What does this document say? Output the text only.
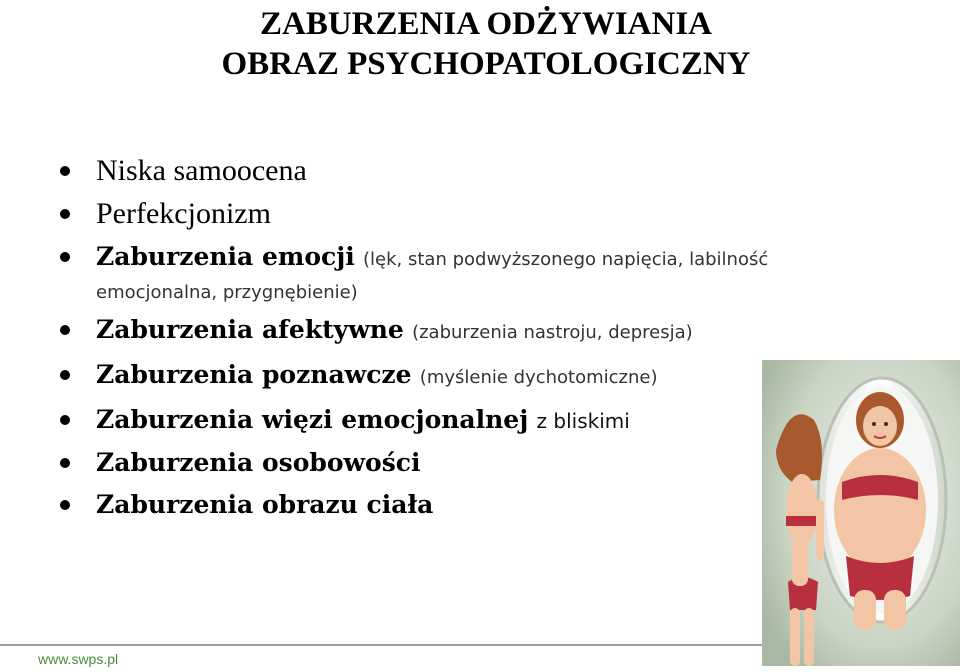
ZABURZENIA ODŻYWIANIA
OBRAZ PSYCHOPATOLOGICZNY
Niska samoocena
Perfekcjonizm
Zaburzenia emocji (lęk, stan podwyższonego napięcia, labilność
emocjonalna, przygnębienie)
Zaburzenia afektywne (zaburzenia nastroju, depresja)
Zaburzenia poznawcze (myślenie dychotomiczne)
Zaburzenia więzi emocjonalnej z bliskimi
Zaburzenia osobowości
Zaburzenia obrazu ciała
www.swps.pl
